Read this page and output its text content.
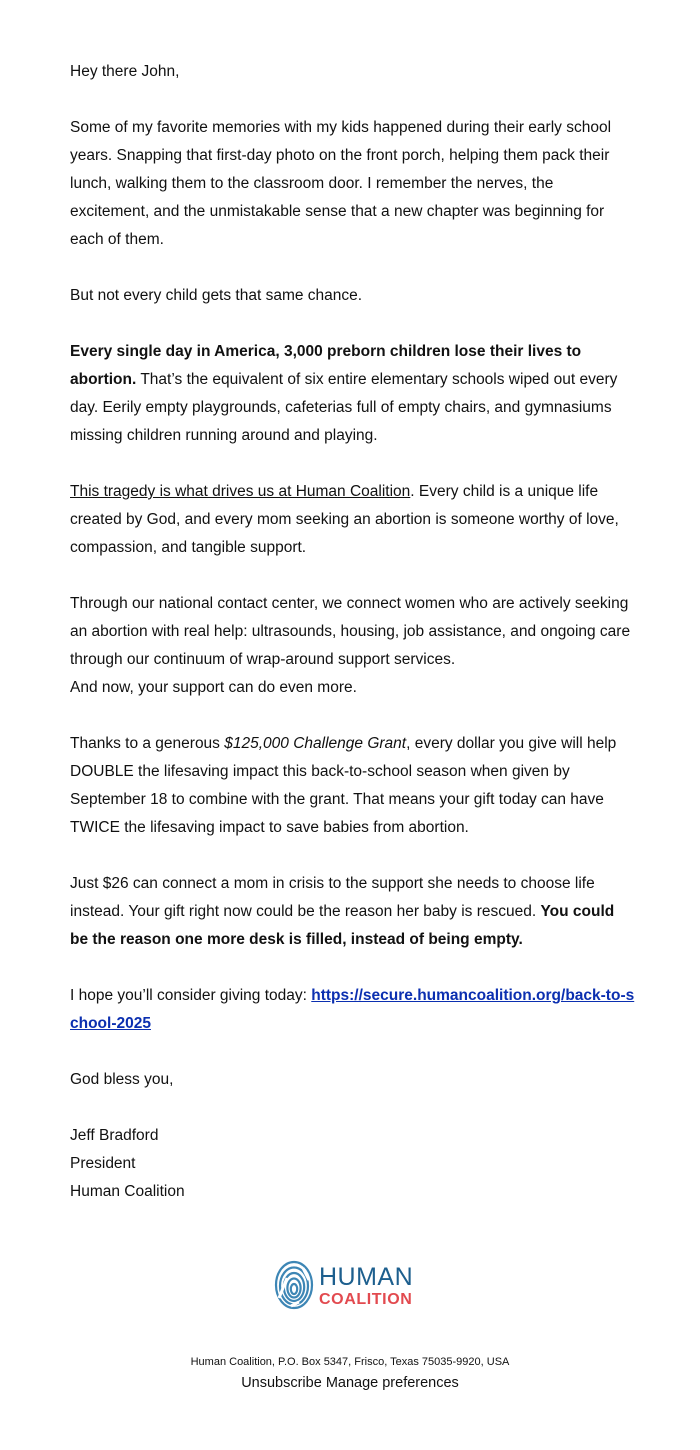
Hey there John,

Some of my favorite memories with my kids happened during their early school years. Snapping that first-day photo on the front porch, helping them pack their lunch, walking them to the classroom door. I remember the nerves, the excitement, and the unmistakable sense that a new chapter was beginning for each of them.

But not every child gets that same chance.

Every single day in America, 3,000 preborn children lose their lives to abortion. That’s the equivalent of six entire elementary schools wiped out every day. Eerily empty playgrounds, cafeterias full of empty chairs, and gymnasiums missing children running around and playing.

This tragedy is what drives us at Human Coalition. Every child is a unique life created by God, and every mom seeking an abortion is someone worthy of love, compassion, and tangible support.

Through our national contact center, we connect women who are actively seeking an abortion with real help: ultrasounds, housing, job assistance, and ongoing care through our continuum of wrap-around support services.

And now, your support can do even more.

Thanks to a generous $125,000 Challenge Grant, every dollar you give will help DOUBLE the lifesaving impact this back-to-school season when given by September 18 to combine with the grant. That means your gift today can have TWICE the lifesaving impact to save babies from abortion.

Just $26 can connect a mom in crisis to the support she needs to choose life instead. Your gift right now could be the reason her baby is rescued. You could be the reason one more desk is filled, instead of being empty.

I hope you’ll consider giving today: https://secure.humancoalition.org/back-to-school-2025

God bless you,

Jeff Bradford
President
Human Coalition
HUMAN
COALITION
Human Coalition, P.O. Box 5347, Frisco, Texas 75035-9920, USA
Unsubscribe Manage preferences
